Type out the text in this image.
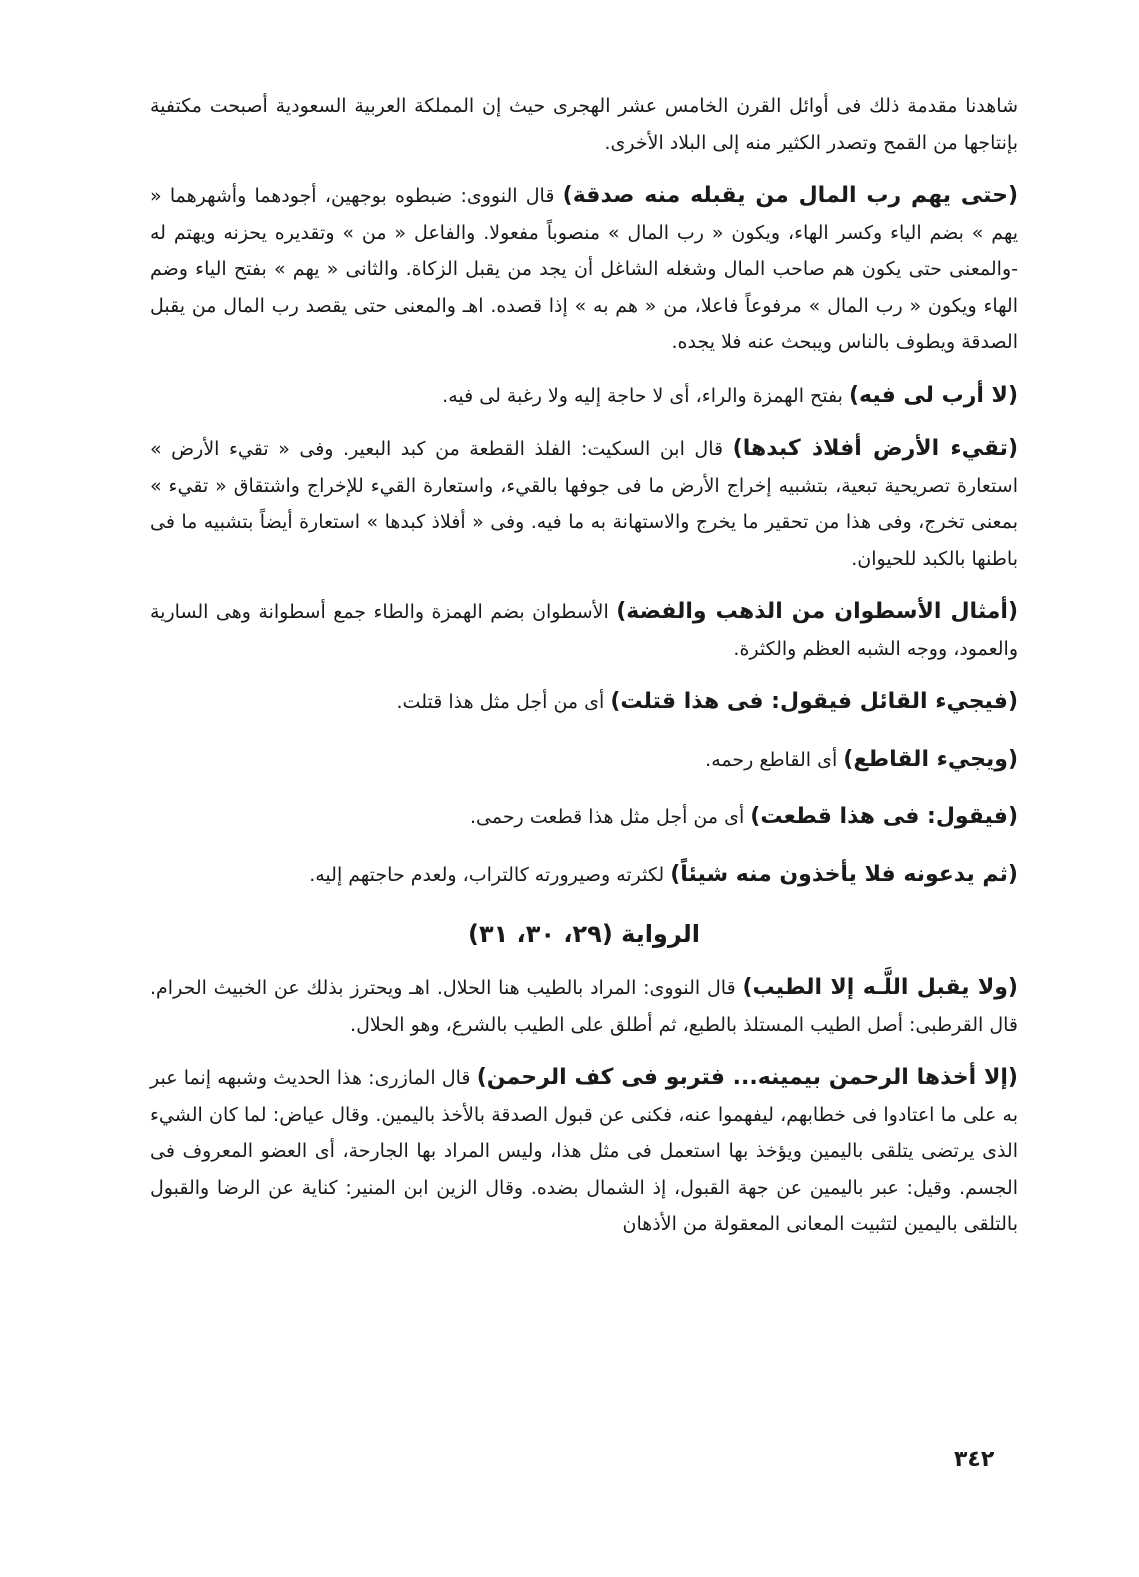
شاهدنا مقدمة ذلك فى أوائل القرن الخامس عشر الهجرى حيث إن المملكة العربية السعودية أصبحت مكتفية بإنتاجها من القمح وتصدر الكثير منه إلى البلاد الأخرى.

(حتى يهم رب المال من يقبله منه صدقة) قال النووى: ضبطوه بوجهين، أجودهما وأشهرهما « يهم » بضم الياء وكسر الهاء، ويكون « رب المال » منصوباً مفعولا. والفاعل « من » وتقديره يحزنه ويهتم له -والمعنى حتى يكون هم صاحب المال وشغله الشاغل أن يجد من يقبل الزكاة. والثانى « يهم » بفتح الياء وضم الهاء ويكون « رب المال » مرفوعاً فاعلا، من « هم به » إذا قصده. اهـ والمعنى حتى يقصد رب المال من يقبل الصدقة ويطوف بالناس ويبحث عنه فلا يجده.

(لا أرب لى فيه) بفتح الهمزة والراء، أى لا حاجة إليه ولا رغبة لى فيه.

(تقيء الأرض أفلاذ كبدها) قال ابن السكيت: الفلذ القطعة من كبد البعير. وفى « تقيء الأرض » استعارة تصريحية تبعية، بتشبيه إخراج الأرض ما فى جوفها بالقيء، واستعارة القيء للإخراج واشتقاق « تقيء » بمعنى تخرج، وفى هذا من تحقير ما يخرج والاستهانة به ما فيه. وفى « أفلاذ كبدها » استعارة أيضاً بتشبيه ما فى باطنها بالكبد للحيوان.

(أمثال الأسطوان من الذهب والفضة) الأسطوان بضم الهمزة والطاء جمع أسطوانة وهى السارية والعمود، ووجه الشبه العظم والكثرة.

(فيجيء القائل فيقول: فى هذا قتلت) أى من أجل مثل هذا قتلت.

(ويجيء القاطع) أى القاطع رحمه.

(فيقول: فى هذا قطعت) أى من أجل مثل هذا قطعت رحمى.

(ثم يدعونه فلا يأخذون منه شيئاً) لكثرته وصيرورته كالتراب، ولعدم حاجتهم إليه.

الرواية (٢٩، ٣٠، ٣١)

(ولا يقبل اللَّـه إلا الطيب) قال النووى: المراد بالطيب هنا الحلال. اهـ ويحترز بذلك عن الخبيث الحرام. قال القرطبى: أصل الطيب المستلذ بالطبع، ثم أطلق على الطيب بالشرع، وهو الحلال.

(إلا أخذها الرحمن بيمينه... فتربو فى كف الرحمن) قال المازرى: هذا الحديث وشبهه إنما عبر به على ما اعتادوا فى خطابهم، ليفهموا عنه، فكنى عن قبول الصدقة بالأخذ باليمين. وقال عياض: لما كان الشيء الذى يرتضى يتلقى باليمين ويؤخذ بها استعمل فى مثل هذا، وليس المراد بها الجارحة، أى العضو المعروف فى الجسم. وقيل: عبر باليمين عن جهة القبول، إذ الشمال بضده. وقال الزين ابن المنير: كناية عن الرضا والقبول بالتلقى باليمين لتثبيت المعانى المعقولة من الأذهان

٣٤٢
